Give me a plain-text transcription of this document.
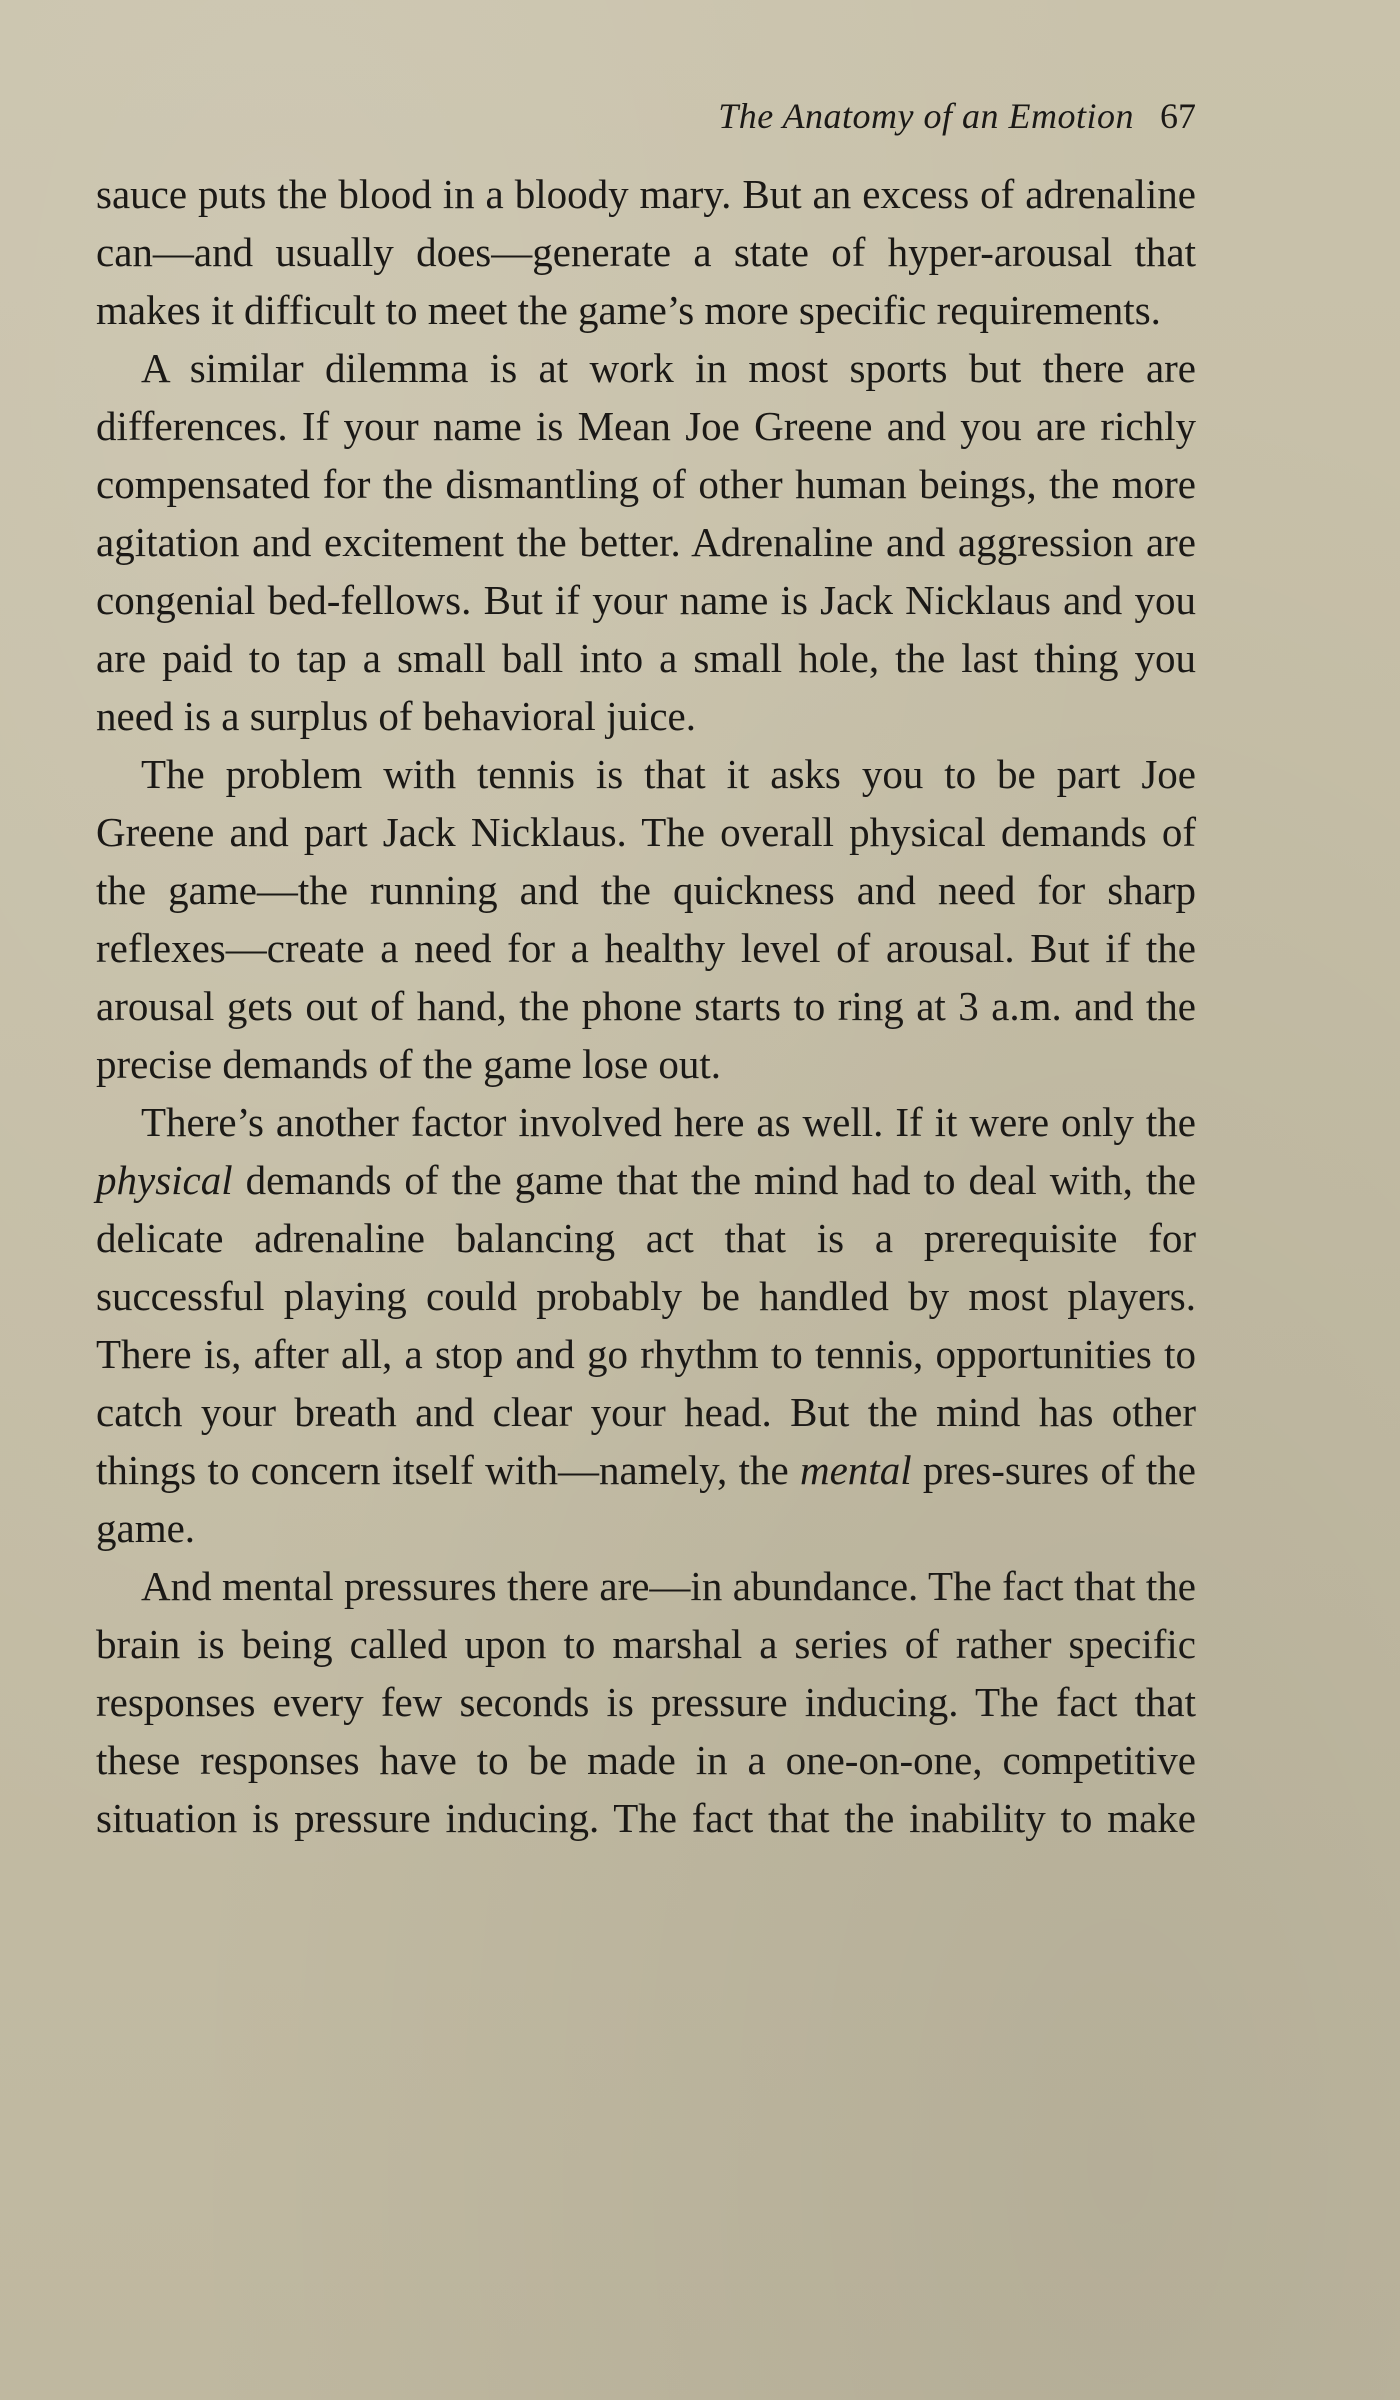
The Anatomy of an Emotion 67

sauce puts the blood in a bloody mary. But an excess of adrenaline can—and usually does—generate a state of hyper-arousal that makes it difficult to meet the game’s more specific requirements.

A similar dilemma is at work in most sports but there are differences. If your name is Mean Joe Greene and you are richly compensated for the dismantling of other human beings, the more agitation and excitement the better. Adrenaline and aggression are congenial bed-fellows. But if your name is Jack Nicklaus and you are paid to tap a small ball into a small hole, the last thing you need is a surplus of behavioral juice.

The problem with tennis is that it asks you to be part Joe Greene and part Jack Nicklaus. The overall physical demands of the game—the running and the quickness and need for sharp reflexes—create a need for a healthy level of arousal. But if the arousal gets out of hand, the phone starts to ring at 3 a.m. and the precise demands of the game lose out.

There’s another factor involved here as well. If it were only the physical demands of the game that the mind had to deal with, the delicate adrenaline balancing act that is a prerequisite for successful playing could probably be handled by most players. There is, after all, a stop and go rhythm to tennis, opportunities to catch your breath and clear your head. But the mind has other things to concern itself with—namely, the mental pres-sures of the game.

And mental pressures there are—in abundance. The fact that the brain is being called upon to marshal a series of rather specific responses every few seconds is pressure inducing. The fact that these responses have to be made in a one-on-one, competitive situation is pressure inducing. The fact that the inability to make
